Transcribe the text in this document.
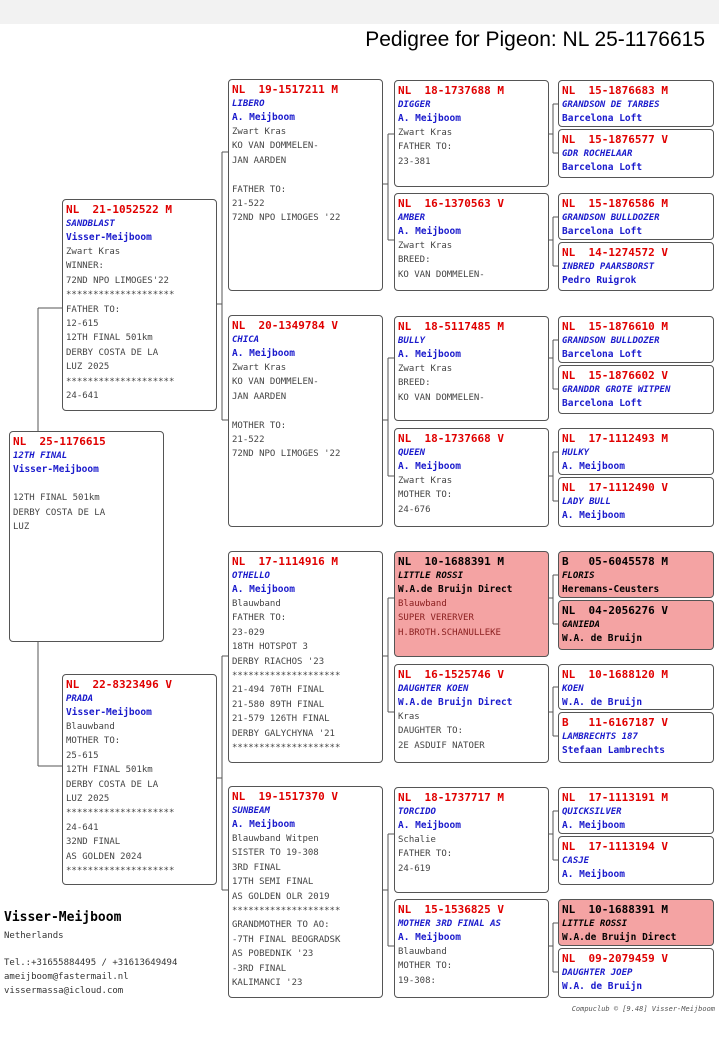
Pedigree for Pigeon: NL 25-1176615
NL  25-1176615
12TH FINAL
Visser-Meijboom

12TH FINAL 501km
DERBY COSTA DE LA
LUZ
NL  21-1052522 M
SANDBLAST
Visser-Meijboom
Zwart Kras
WINNER:
72ND NPO LIMOGES'22
********************
FATHER TO:
12-615
12TH FINAL 501km
DERBY COSTA DE LA
LUZ 2025
********************
24-641
NL  22-8323496 V
PRADA
Visser-Meijboom
Blauwband
MOTHER TO:
25-615
12TH FINAL 501km
DERBY COSTA DE LA
LUZ 2025
********************
24-641
32ND FINAL
AS GOLDEN 2024
********************
NL  19-1517211 M
LIBERO
A. Meijboom
Zwart Kras
KO VAN DOMMELEN-
JAN AARDEN

FATHER TO:
21-522
72ND NPO LIMOGES '22
NL  20-1349784 V
CHICA
A. Meijboom
Zwart Kras
KO VAN DOMMELEN-
JAN AARDEN

MOTHER TO:
21-522
72ND NPO LIMOGES '22
NL  17-1114916 M
OTHELLO
A. Meijboom
Blauwband
FATHER TO:
23-029
18TH HOTSPOT 3
DERBY RIACHOS '23
********************
21-494 70TH FINAL
21-580 89TH FINAL
21-579 126TH FINAL
DERBY GALYCHYNA '21
********************
NL  19-1517370 V
SUNBEAM
A. Meijboom
Blauwband Witpen
SISTER TO 19-308
3RD FINAL
17TH SEMI FINAL
AS GOLDEN OLR 2019
********************
GRANDMOTHER TO AO:
-7TH FINAL BEOGRADSK
AS POBEDNIK '23
-3RD FINAL
KALIMANCI '23
NL  18-1737688 M
DIGGER
A. Meijboom
Zwart Kras
FATHER TO:
23-381
NL  16-1370563 V
AMBER
A. Meijboom
Zwart Kras
BREED:
KO VAN DOMMELEN-
NL  18-5117485 M
BULLY
A. Meijboom
Zwart Kras
BREED:
KO VAN DOMMELEN-
NL  18-1737668 V
QUEEN
A. Meijboom
Zwart Kras
MOTHER TO:
24-676
NL  10-1688391 M
LITTLE ROSSI
W.A.de Bruijn Direct
Blauwband
SUPER VERERVER
H.BROTH.SCHANULLEKE
NL  16-1525746 V
DAUGHTER KOEN
W.A.de Bruijn Direct
Kras
DAUGHTER TO:
2E ASDUIF NATOER
NL  18-1737717 M
TORCIDO
A. Meijboom
Schalie
FATHER TO:
24-619
NL  15-1536825 V
MOTHER 3RD FINAL AS
A. Meijboom
Blauwband
MOTHER TO:
19-308:
NL  15-1876683 M
GRANDSON DE TARBES
Barcelona Loft
NL  15-1876577 V
GDR ROCHELAAR
Barcelona Loft
NL  15-1876586 M
GRANDSON BULLDOZER
Barcelona Loft
NL  14-1274572 V
INBRED PAARSBORST
Pedro Ruigrok
NL  15-1876610 M
GRANDSON BULLDOZER
Barcelona Loft
NL  15-1876602 V
GRANDDR GROTE WITPEN
Barcelona Loft
NL  17-1112493 M
HULKY
A. Meijboom
NL  17-1112490 V
LADY BULL
A. Meijboom
B   05-6045578 M
FLORIS
Heremans-Ceusters
NL  04-2056276 V
GANIEDA
W.A. de Bruijn
NL  10-1688120 M
KOEN
W.A. de Bruijn
B   11-6167187 V
LAMBRECHTS 187
Stefaan Lambrechts
NL  17-1113191 M
QUICKSILVER
A. Meijboom
NL  17-1113194 V
CASJE
A. Meijboom
NL  10-1688391 M
LITTLE ROSSI
W.A.de Bruijn Direct
NL  09-2079459 V
DAUGHTER JOEP
W.A. de Bruijn
Visser-Meijboom
Netherlands
Tel.:+31655884495 / +31613649494
ameijboom@fastermail.nl
vissermassa@icloud.com
Compuclub © [9.48] Visser-Meijboom
